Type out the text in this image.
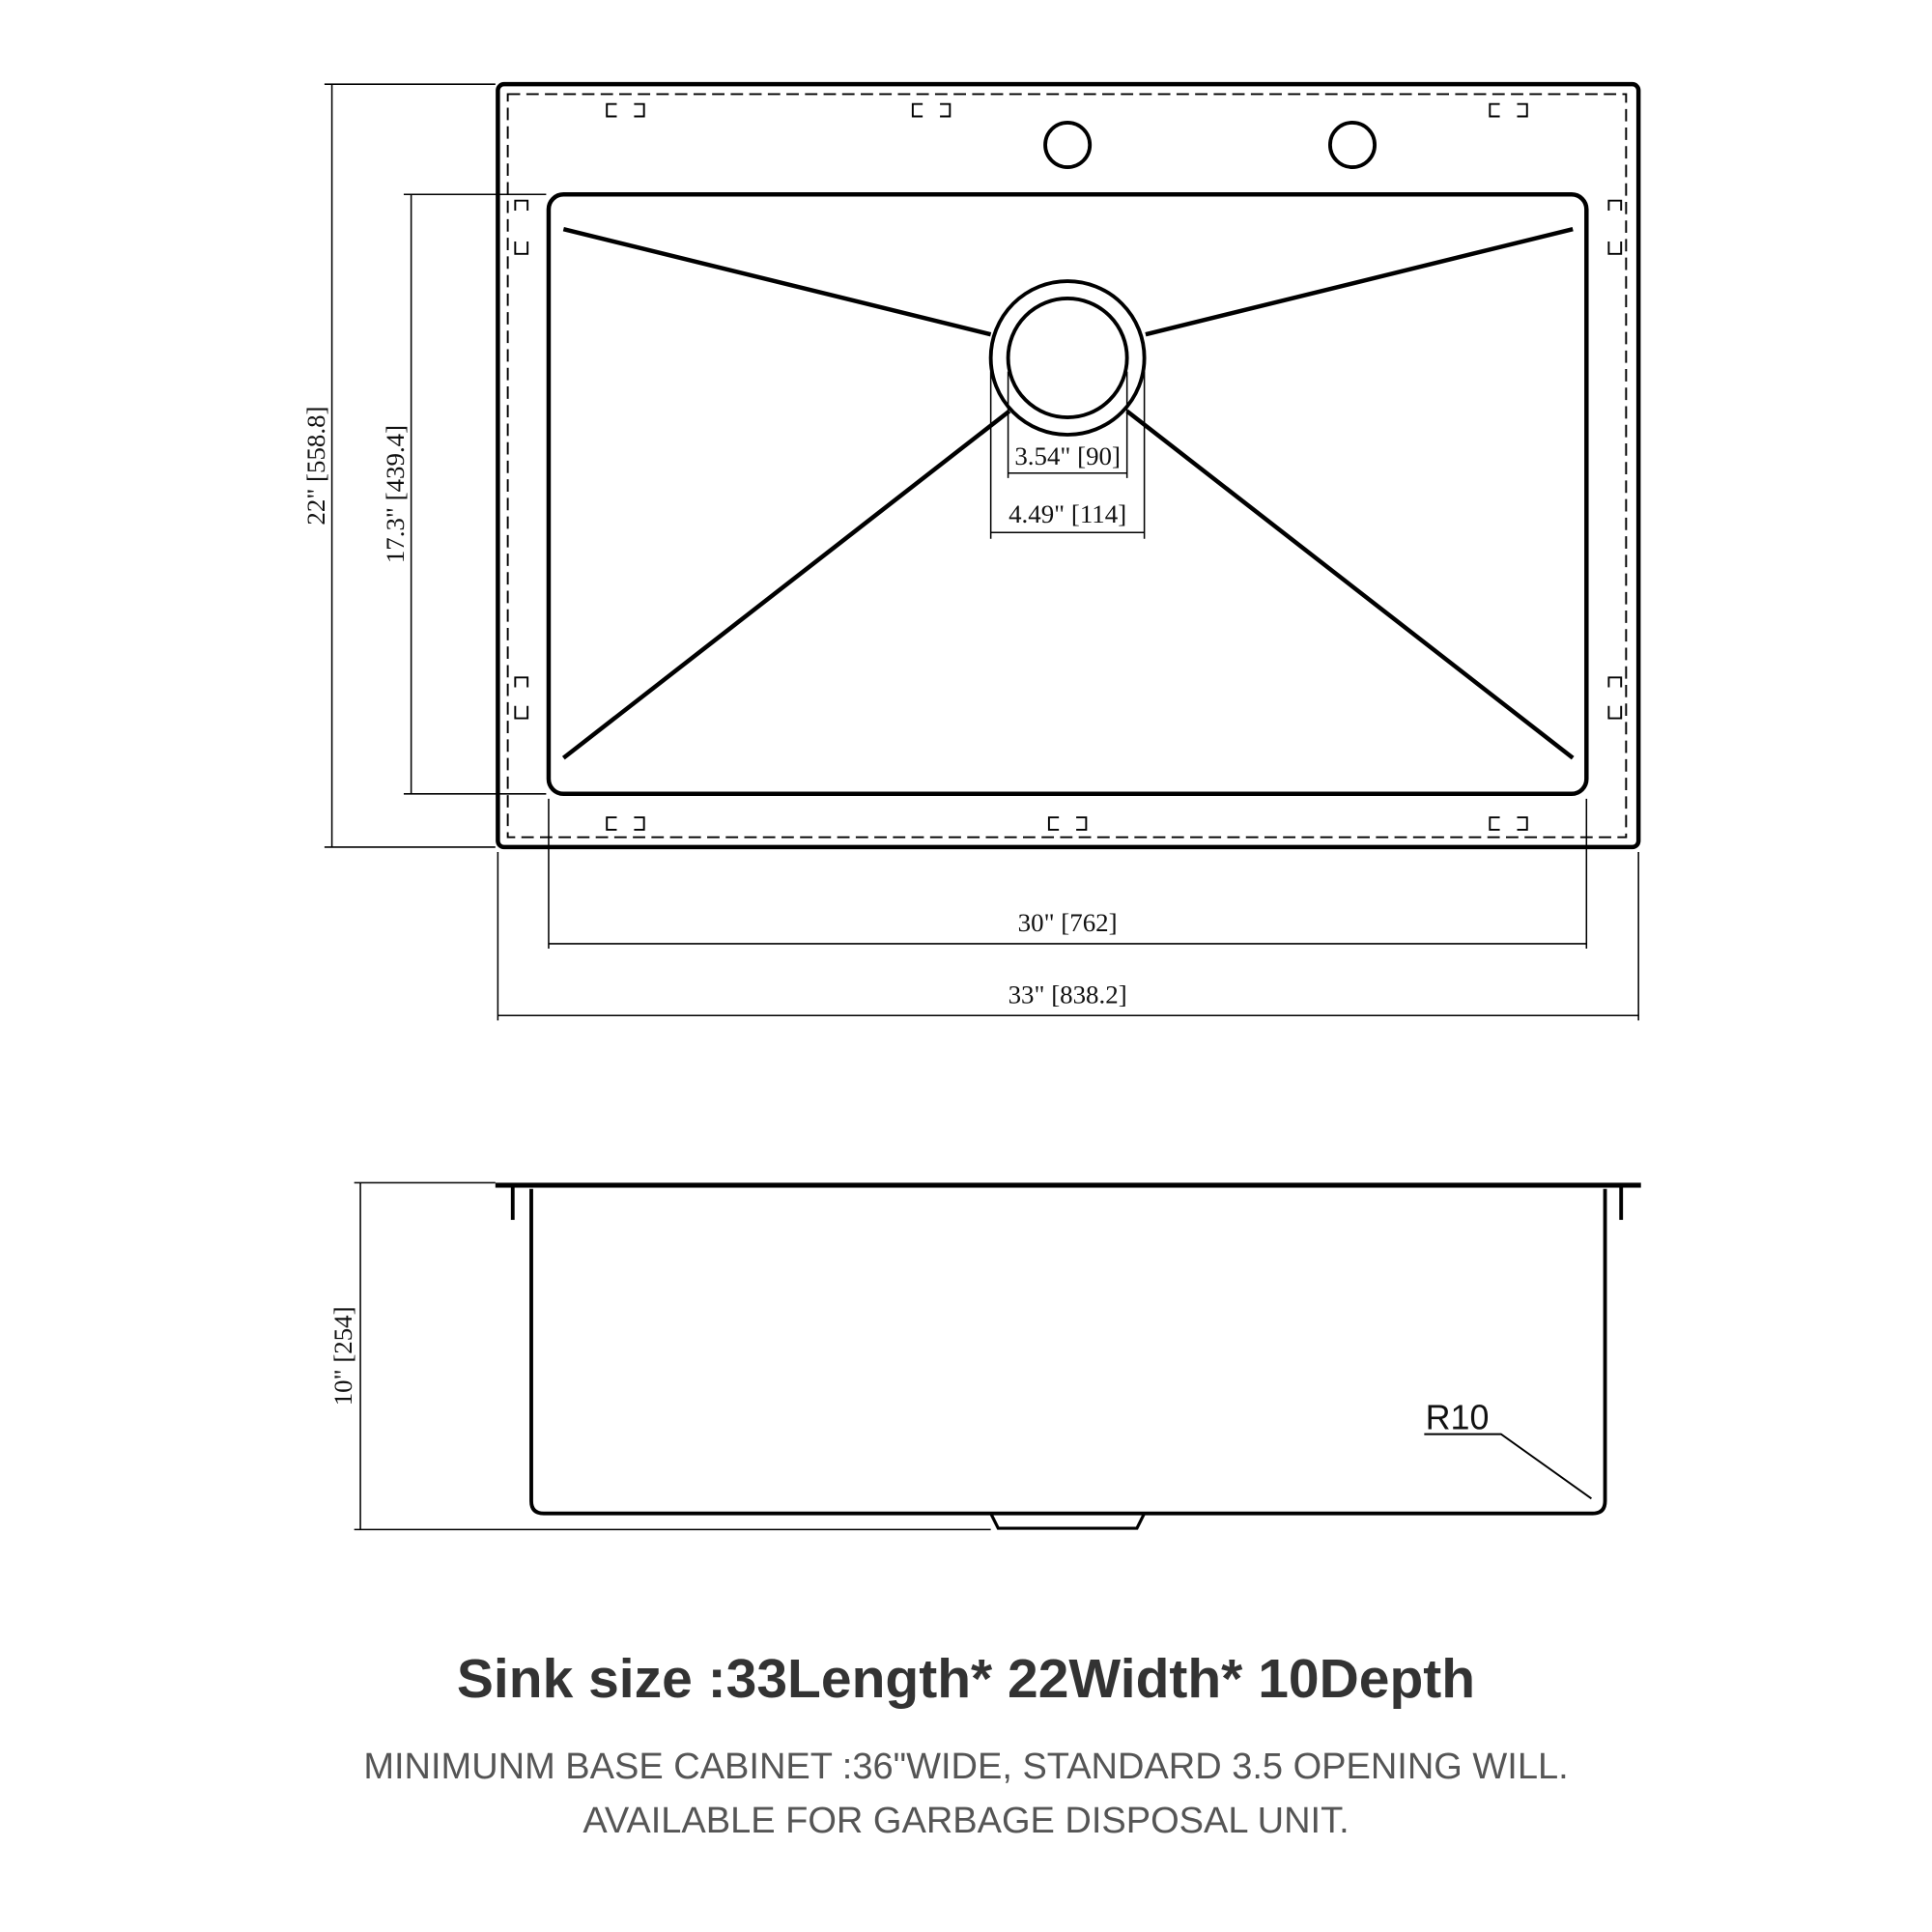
22" [558.8] 17.3" [439.4]	3.54" [90]
4.49" [114]
30" [762]
33" [838.2]
10" [254]
R10
Sink size :33Length* 22Width* 10Depth
MINIMUNM BASE CABINET :36"WIDE, STANDARD 3.5 OPENING WILL.
AVAILABLE FOR GARBAGE DISPOSAL UNIT.
